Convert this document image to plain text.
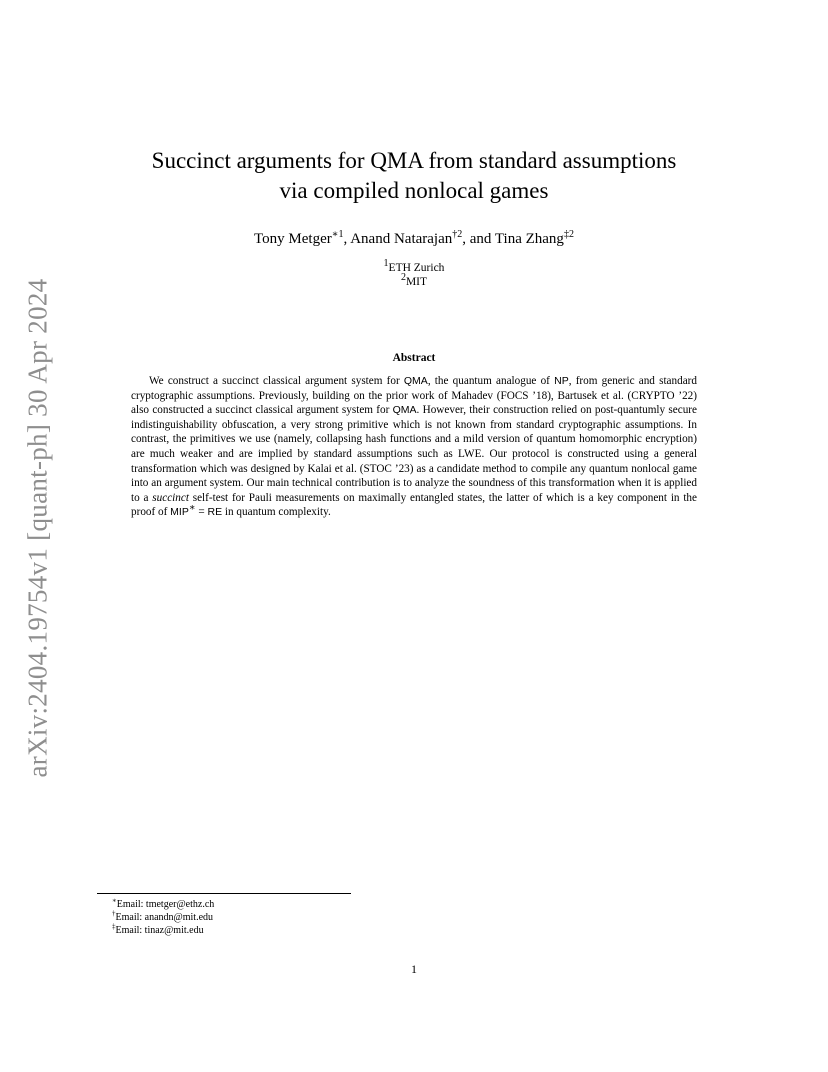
arXiv:2404.19754v1 [quant-ph] 30 Apr 2024
Succinct arguments for QMA from standard assumptions
via compiled nonlocal games
Tony Metger$^{∗1}$, Anand Natarajan$^{\dagger 2}$, and Tina Zhang$^{\ddagger 2}$
$^1$ETH Zurich
$^2$MIT
Abstract

We construct a succinct classical argument system for QMA, the quantum analogue of NP, from generic and standard cryptographic assumptions. Previously, building on the prior work of Mahadev (FOCS ’18), Bartusek et al. (CRYPTO ’22) also constructed a succinct classical argument system for QMA. However, their construction relied on post-quantumly secure indistinguishability obfuscation, a very strong primitive which is not known from standard cryptographic assumptions. In contrast, the primitives we use (namely, collapsing hash functions and a mild version of quantum homomorphic encryption) are much weaker and are implied by standard assumptions such as LWE. Our protocol is constructed using a general transformation which was designed by Kalai et al. (STOC ’23) as a candidate method to compile any quantum nonlocal game into an argument system. Our main technical contribution is to analyze the soundness of this transformation when it is applied to a succinct self-test for Pauli measurements on maximally entangled states, the latter of which is a key component in the proof of MIP∗ = RE in quantum complexity.

∗Email: tmetger@ethz.ch
†Email: anandn@mit.edu
‡Email: tinaz@mit.edu
1
